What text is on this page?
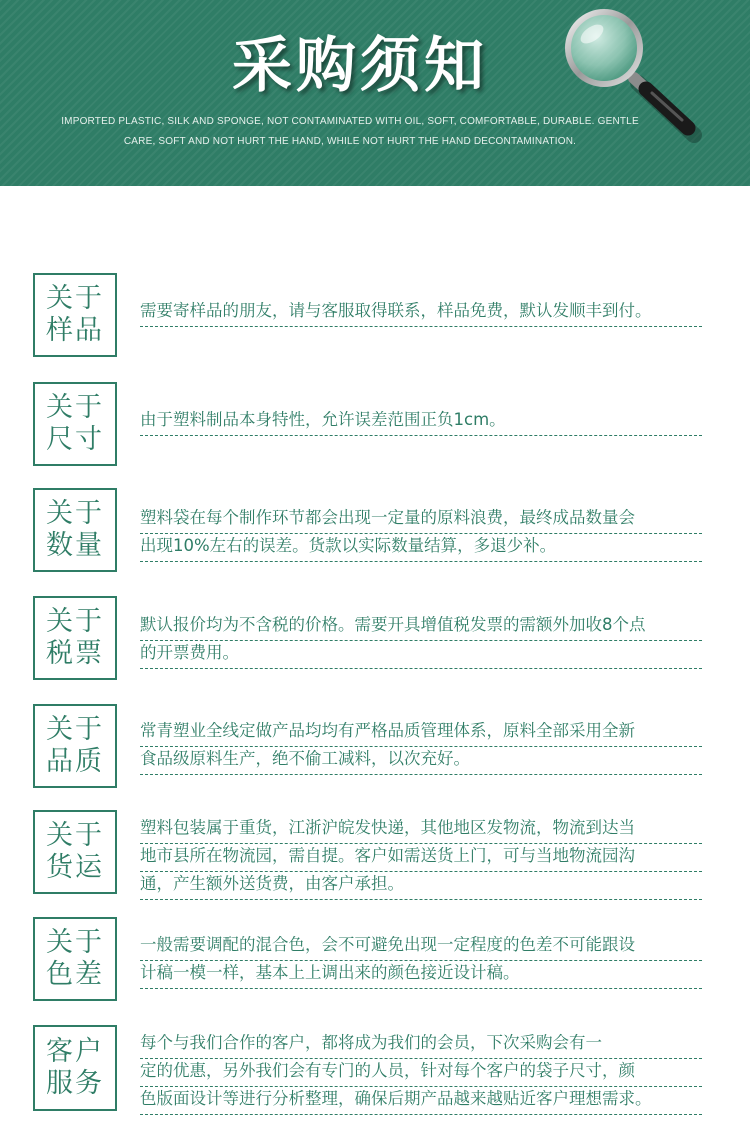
采购须知
IMPORTED PLASTIC, SILK AND SPONGE, NOT CONTAMINATED WITH OIL, SOFT, COMFORTABLE, DURABLE. GENTLE
CARE, SOFT AND NOT HURT THE HAND, WHILE NOT HURT THE HAND DECONTAMINATION.
关于
样品
需要寄样品的朋友，请与客服取得联系，样品免费，默认发顺丰到付。
关于
尺寸
由于塑料制品本身特性，允许误差范围正负1cm。
关于
数量
塑料袋在每个制作环节都会出现一定量的原料浪费，最终成品数量会
出现10%左右的误差。货款以实际数量结算，多退少补。
关于
税票
默认报价均为不含税的价格。需要开具增值税发票的需额外加收8个点
的开票费用。
关于
品质
常青塑业全线定做产品均均有严格品质管理体系，原料全部采用全新
食品级原料生产，绝不偷工减料，以次充好。
关于
货运
塑料包装属于重货，江浙沪皖发快递，其他地区发物流，物流到达当
地市县所在物流园，需自提。客户如需送货上门，可与当地物流园沟
通，产生额外送货费，由客户承担。
关于
色差
一般需要调配的混合色，会不可避免出现一定程度的色差不可能跟设
计稿一模一样，基本上上调出来的颜色接近设计稿。
客户
服务
每个与我们合作的客户，都将成为我们的会员，下次采购会有一
定的优惠，另外我们会有专门的人员，针对每个客户的袋子尺寸，颜
色版面设计等进行分析整理，确保后期产品越来越贴近客户理想需求。
